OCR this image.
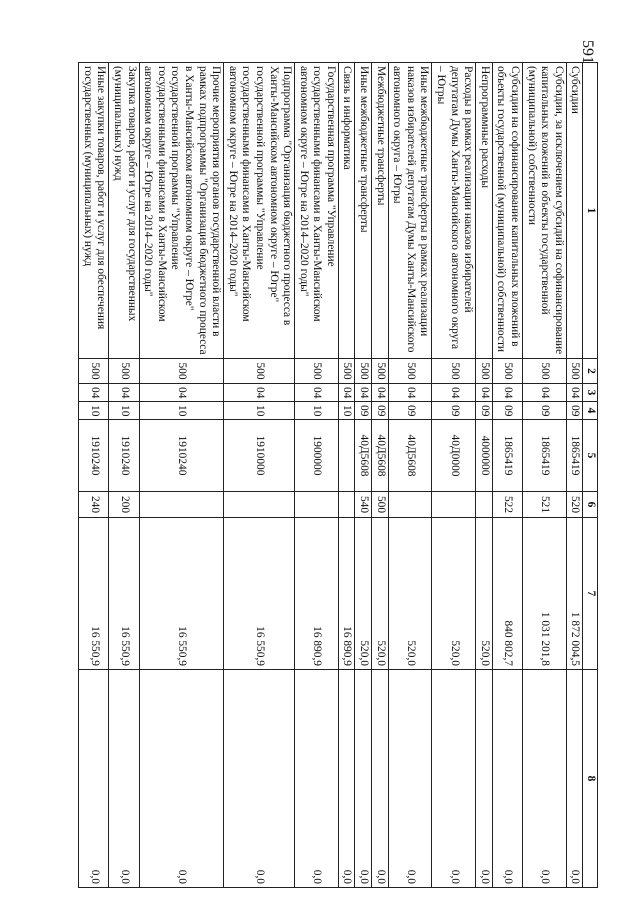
591
1	2	3	4	5	6	7	8
Субсидии	500	04	09	1865419	520	1 872 004,5	0,0
Субсидии, за исключением субсидий на софинансирование капитальных вложений в объекты государственной (муниципальной) собственности	500	04	09	1865419	521	1 031 201,8	0,0
Субсидии на софинансирование капитальных вложений в объекты государственной (муниципальной) собственности	500	04	09	1865419	522	840 802,7	0,0
Непрограммные расходы	500	04	09	4000000		520,0	0,0
Расходы в рамках реализации наказов избирателей депутатам Думы Ханты-Мансийского автономного округа – Югры	500	04	09	40Д0000		520,0	0,0
Иные межбюджетные трансферты в рамках реализации наказов избирателей депутатам Думы Ханты-Мансийского автономного округа – Югры	500	04	09	40Д5608		520,0	0,0
Межбюджетные трансферты	500	04	09	40Д5608	500	520,0	0,0
Иные межбюджетные трансферты	500	04	09	40Д5608	540	520,0	0,0
Связь и информатика	500	04	10			16 890,9	0,0
Государственная программа "Управление государственными финансами в Ханты-Мансийском автономном округе – Югре на 2014–2020 годы"	500	04	10	1900000		16 890,9	0,0
Подпрограмма "Организация бюджетного процесса в Ханты-Мансийском автономном округе – Югре" государственной программы "Управление государственными финансами в Ханты-Мансийском автономном округе – Югре на 2014–2020 годы"	500	04	10	1910000		16 550,9	0,0
Прочие мероприятия органов государственной власти в рамках подпрограммы "Организация бюджетного процесса в Ханты-Мансийском автономном округе – Югре" государственной программы "Управление государственными финансами в Ханты-Мансийском автономном округе – Югре на 2014–2020 годы"	500	04	10	1910240		16 550,9	0,0
Закупка товаров, работ и услуг для государственных (муниципальных) нужд	500	04	10	1910240	200	16 550,9	0,0
Иные закупки товаров, работ и услуг для обеспечения государственных (муниципальных) нужд	500	04	10	1910240	240	16 550,9	0,0
